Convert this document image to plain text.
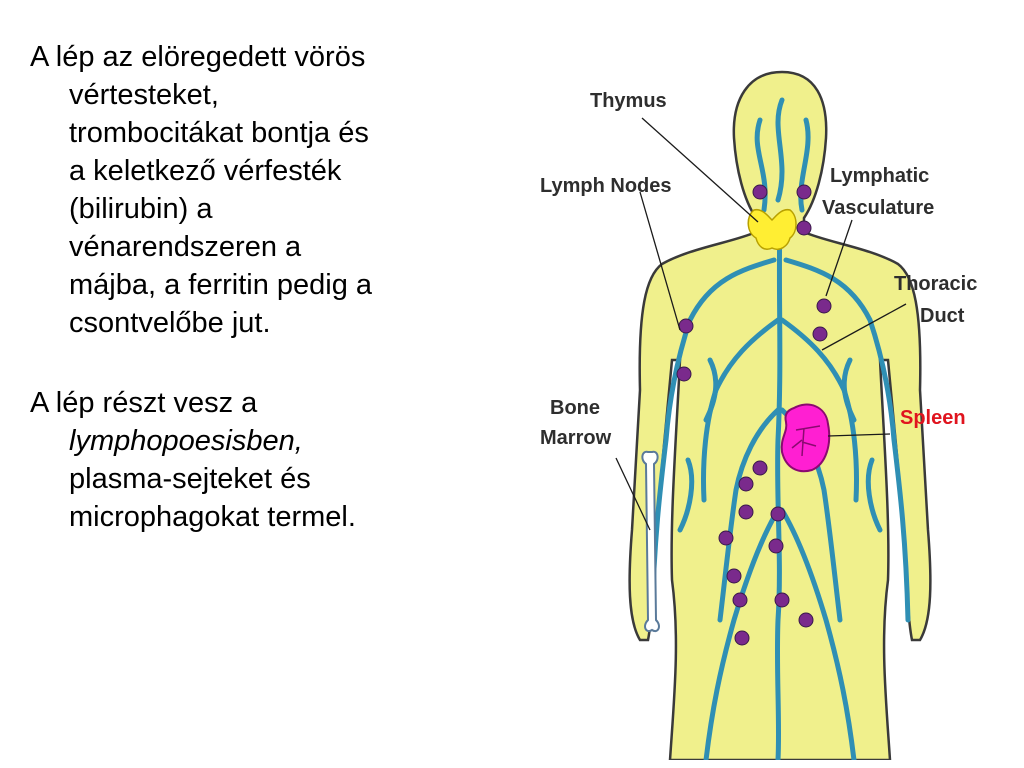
A lép az elöregedett vörös
vértesteket,
trombocitákat bontja és
a keletkező vérfesték
(bilirubin) a
vénarendszeren a
májba, a ferritin pedig a
csontvelőbe jut.

A lép részt vesz a
lymphopoesisben,
plasma-sejteket és
microphagokat termel.

Thymus
Lymph Nodes	Lymphatic
Vasculature
Thoracic
Duct
Bone
Marrow
Spleen
